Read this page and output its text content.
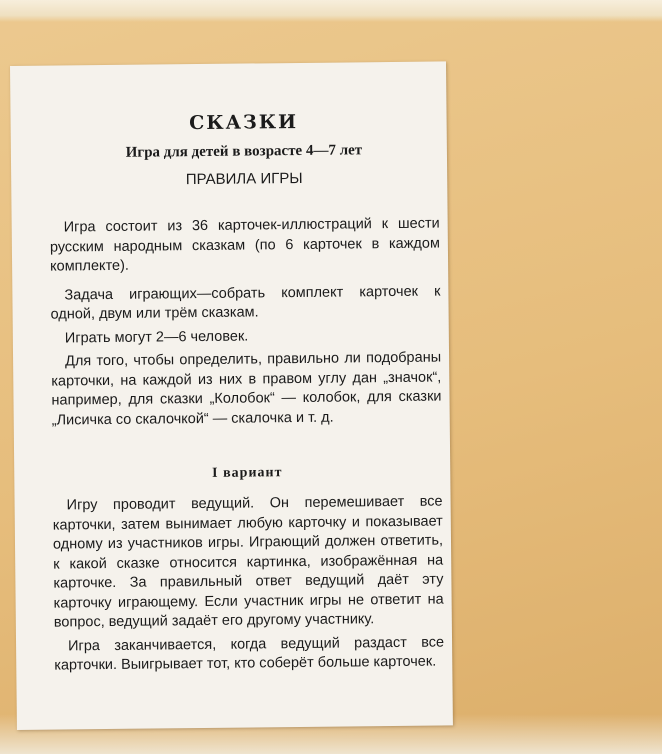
СКАЗКИ
Игра для детей в возрасте 4—7 лет
ПРАВИЛА ИГРЫ

Игра состоит из 36 карточек-иллюстраций к шести русским народным сказкам (по 6 карточек в каждом комплекте).

Задача играющих—собрать комплект карточек к одной, двум или трём сказкам.

Играть могут 2—6 человек.

Для того, чтобы определить, правильно ли подобраны карточки, на каждой из них в правом углу дан „значок“, например, для сказки „Колобок“ — колобок, для сказки „Лисичка со скалочкой“ — скалочка и т. д.

I вариант

Игру проводит ведущий. Он перемешивает все карточки, затем вынимает любую карточку и показывает одному из участников игры. Играющий должен ответить, к какой сказке относится картинка, изображённая на карточке. За правильный ответ ведущий даёт эту карточку играющему. Если участник игры не ответит на вопрос, ведущий задаёт его другому участнику.

Игра заканчивается, когда ведущий раздаст все карточки. Выигрывает тот, кто соберёт больше карточек.
